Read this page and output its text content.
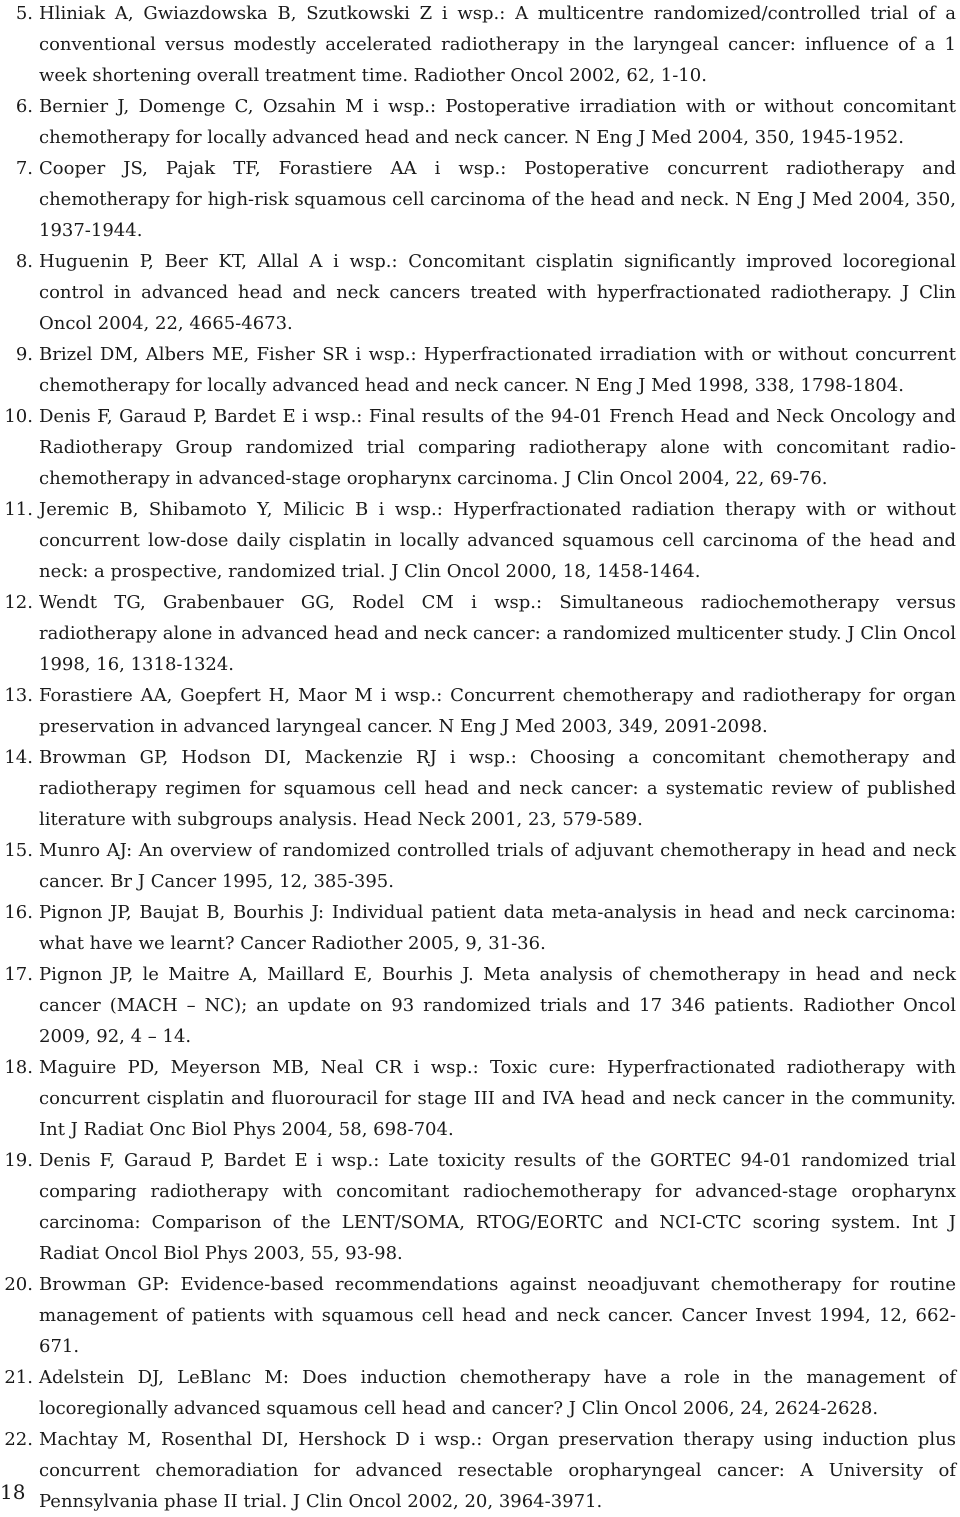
5. Hliniak A, Gwiazdowska B, Szutkowski Z i wsp.: A multicentre randomized/controlled trial of a conventional versus modestly accelerated radiotherapy in the laryngeal cancer: influence of a 1 week shortening overall treatment time. Radiother Oncol 2002, 62, 1-10.
6. Bernier J, Domenge C, Ozsahin M i wsp.: Postoperative irradiation with or without concomitant chemotherapy for locally advanced head and neck cancer. N Eng J Med 2004, 350, 1945-1952.
7. Cooper JS, Pajak TF, Forastiere AA i wsp.: Postoperative concurrent radiotherapy and chemotherapy for high-risk squamous cell carcinoma of the head and neck. N Eng J Med 2004, 350, 1937-1944.
8. Huguenin P, Beer KT, Allal A i wsp.: Concomitant cisplatin significantly improved locoregional control in advanced head and neck cancers treated with hyperfractionated radiotherapy. J Clin Oncol 2004, 22, 4665-4673.
9. Brizel DM, Albers ME, Fisher SR i wsp.: Hyperfractionated irradiation with or without concurrent chemotherapy for locally advanced head and neck cancer. N Eng J Med 1998, 338, 1798-1804.
10. Denis F, Garaud P, Bardet E i wsp.: Final results of the 94-01 French Head and Neck Oncology and Radiotherapy Group randomized trial comparing radiotherapy alone with concomitant radio-chemotherapy in advanced-stage oropharynx carcinoma. J Clin Oncol 2004, 22, 69-76.
11. Jeremic B, Shibamoto Y, Milicic B i wsp.: Hyperfractionated radiation therapy with or without concurrent low-dose daily cisplatin in locally advanced squamous cell carcinoma of the head and neck: a prospective, randomized trial. J Clin Oncol 2000, 18, 1458-1464.
12. Wendt TG, Grabenbauer GG, Rodel CM i wsp.: Simultaneous radiochemotherapy versus radiotherapy alone in advanced head and neck cancer: a randomized multicenter study. J Clin Oncol 1998, 16, 1318-1324.
13. Forastiere AA, Goepfert H, Maor M i wsp.: Concurrent chemotherapy and radiotherapy for organ preservation in advanced laryngeal cancer. N Eng J Med 2003, 349, 2091-2098.
14. Browman GP, Hodson DI, Mackenzie RJ i wsp.: Choosing a concomitant chemotherapy and radiotherapy regimen for squamous cell head and neck cancer: a systematic review of published literature with subgroups analysis. Head Neck 2001, 23, 579-589.
15. Munro AJ: An overview of randomized controlled trials of adjuvant chemotherapy in head and neck cancer. Br J Cancer 1995, 12, 385-395.
16. Pignon JP, Baujat B, Bourhis J: Individual patient data meta-analysis in head and neck carcinoma: what have we learnt? Cancer Radiother 2005, 9, 31-36.
17. Pignon JP, le Maitre A, Maillard E, Bourhis J. Meta analysis of chemotherapy in head and neck cancer (MACH – NC); an update on 93 randomized trials and 17 346 patients. Radiother Oncol 2009, 92, 4 – 14.
18. Maguire PD, Meyerson MB, Neal CR i wsp.: Toxic cure: Hyperfractionated radiotherapy with concurrent cisplatin and fluorouracil for stage III and IVA head and neck cancer in the community. Int J Radiat Onc Biol Phys 2004, 58, 698-704.
19. Denis F, Garaud P, Bardet E i wsp.: Late toxicity results of the GORTEC 94-01 randomized trial comparing radiotherapy with concomitant radiochemotherapy for advanced-stage oropharynx carcinoma: Comparison of the LENT/SOMA, RTOG/EORTC and NCI-CTC scoring system. Int J Radiat Oncol Biol Phys 2003, 55, 93-98.
20. Browman GP: Evidence-based recommendations against neoadjuvant chemotherapy for routine management of patients with squamous cell head and neck cancer. Cancer Invest 1994, 12, 662-671.
21. Adelstein DJ, LeBlanc M: Does induction chemotherapy have a role in the management of locoregionally advanced squamous cell head and cancer? J Clin Oncol 2006, 24, 2624-2628.
22. Machtay M, Rosenthal DI, Hershock D i wsp.: Organ preservation therapy using induction plus concurrent chemoradiation for advanced resectable oropharyngeal cancer: A University of Pennsylvania phase II trial. J Clin Oncol 2002, 20, 3964-3971.
18
